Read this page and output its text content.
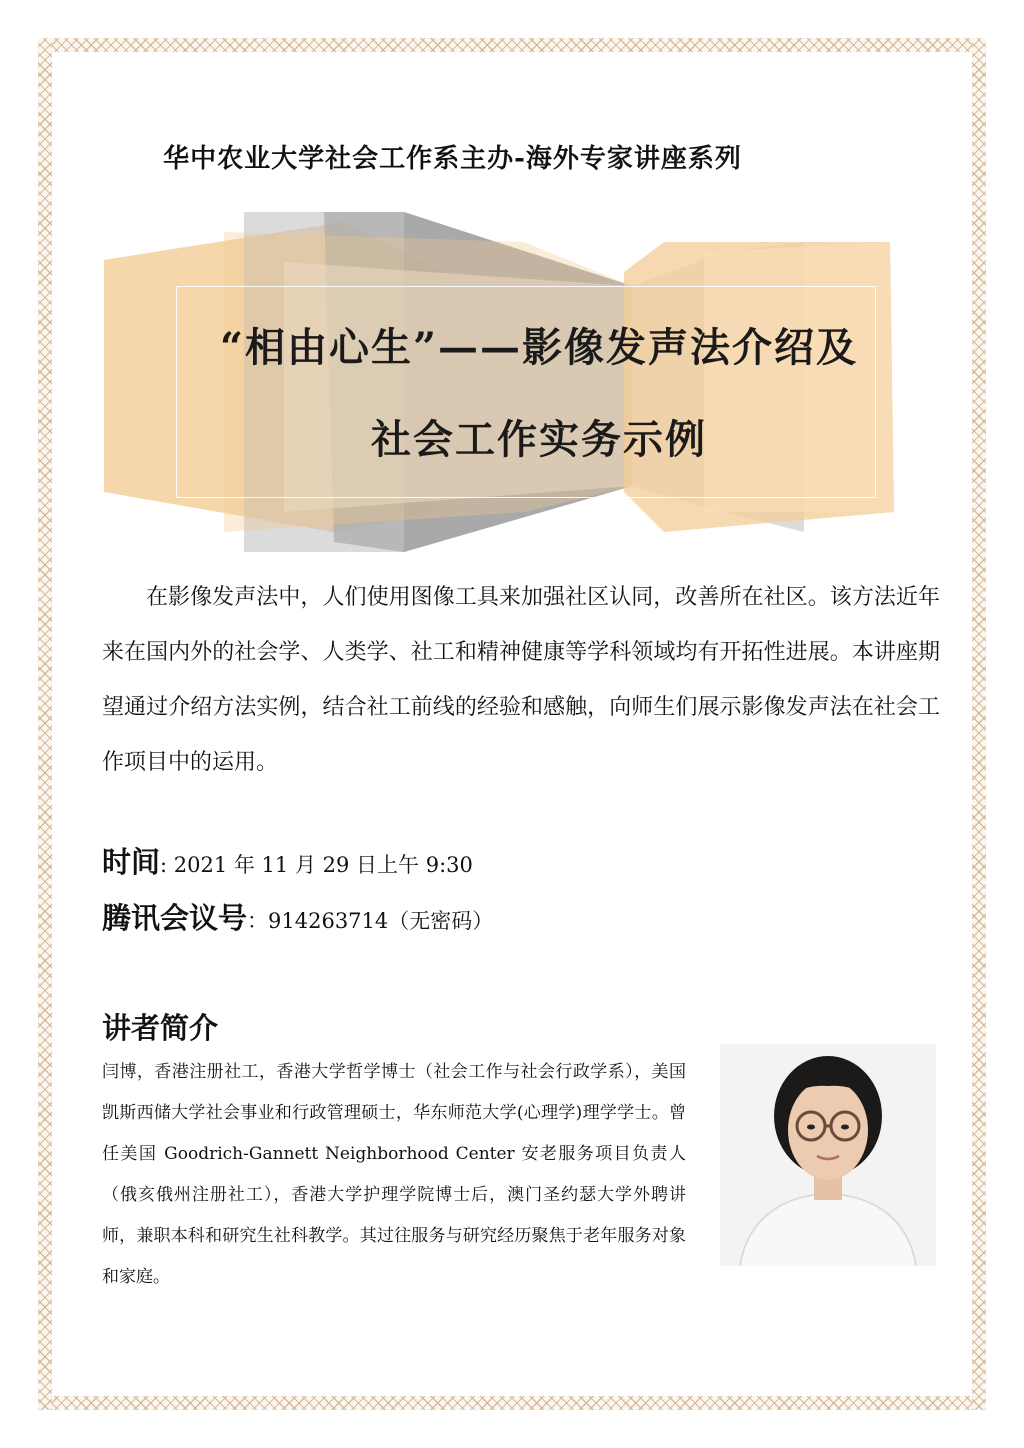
华中农业大学社会工作系主办-海外专家讲座系列
“相由心生”——影像发声法介绍及
社会工作实务示例

在影像发声法中，人们使用图像工具来加强社区认同，改善所在社区。该方法近年来在国内外的社会学、人类学、社工和精神健康等学科领域均有开拓性进展。本讲座期望通过介绍方法实例，结合社工前线的经验和感触，向师生们展示影像发声法在社会工作项目中的运用。

时间: 2021 年 11 月 29 日上午 9:30
腾讯会议号：914263714（无密码）
讲者简介

闫博，香港注册社工，香港大学哲学博士（社会工作与社会行政学系），美国凯斯西储大学社会事业和行政管理硕士，华东师范大学(心理学)理学学士。曾任美国 Goodrich-Gannett Neighborhood Center 安老服务项目负责人（俄亥俄州注册社工），香港大学护理学院博士后，澳门圣约瑟大学外聘讲师，兼职本科和研究生社科教学。其过往服务与研究经历聚焦于老年服务对象和家庭。
